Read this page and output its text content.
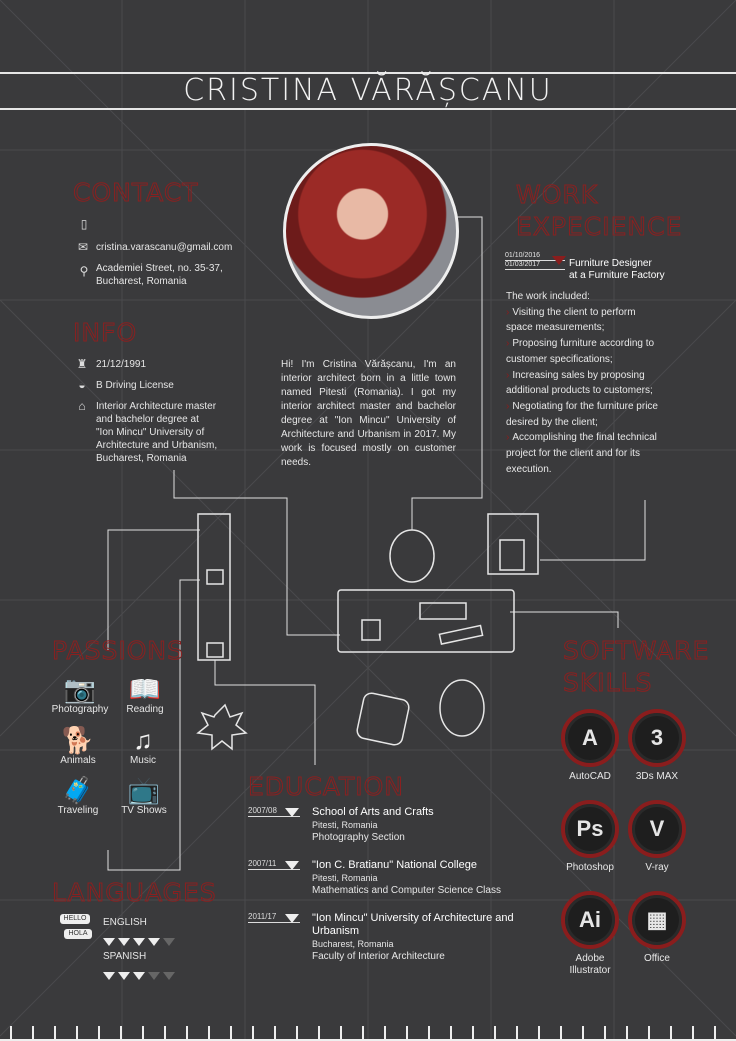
CRISTINA VĂRĂȘCANU
CONTACT
▯
✉ cristina.varascanu@gmail.com
⚲ Academiei Street, no. 35-37,
Bucharest, Romania
INFO
♜ 21/12/1991
◒	B Driving License
⌂	Interior Architecture master
and bachelor degree at
"Ion Mincu" University of
Architecture and Urbanism,
Bucharest, Romania
Hi! I'm Cristina Vărășcanu, I'm an interior architect born in a little town named Pitesti (Romania). I got my interior architect master and bachelor degree at "Ion Mincu" University of Architecture and Urbanism in 2017. My work is focused mostly on customer needs.
WORK
EXPECIENCE
01/10/2016
01/03/2017	Furniture Designer
at a Furniture Factory
The work included:
› Visiting the client to perform space measurements;
› Proposing furniture according to customer specifications;
› Increasing sales by proposing additional products to customers;
› Negotiating for the furniture price desired by the client;
› Accomplishing the final technical project for the client and for its execution.
PASSIONS
📷
Photography
📖
Reading
🐕
Animals
♫
Music
🧳
Traveling
📺
TV Shows
LANGUAGES
HELLO
HOLA
ENGLISH
SPANISH
EDUCATION
2007/08	School of Arts and Crafts
Pitesti, Romania
Photography Section
2007/11	"Ion C. Bratianu" National College
Pitesti, Romania
Mathematics and Computer Science Class
2011/17	"Ion Mincu" University of Architecture and Urbanism
Bucharest, Romania
Faculty of Interior Architecture
SOFTWARE
SKILLS
A
AutoCAD
3
3Ds MAX
Ps
Photoshop
V
V-ray
Ai
Adobe Illustrator
▦
Office
